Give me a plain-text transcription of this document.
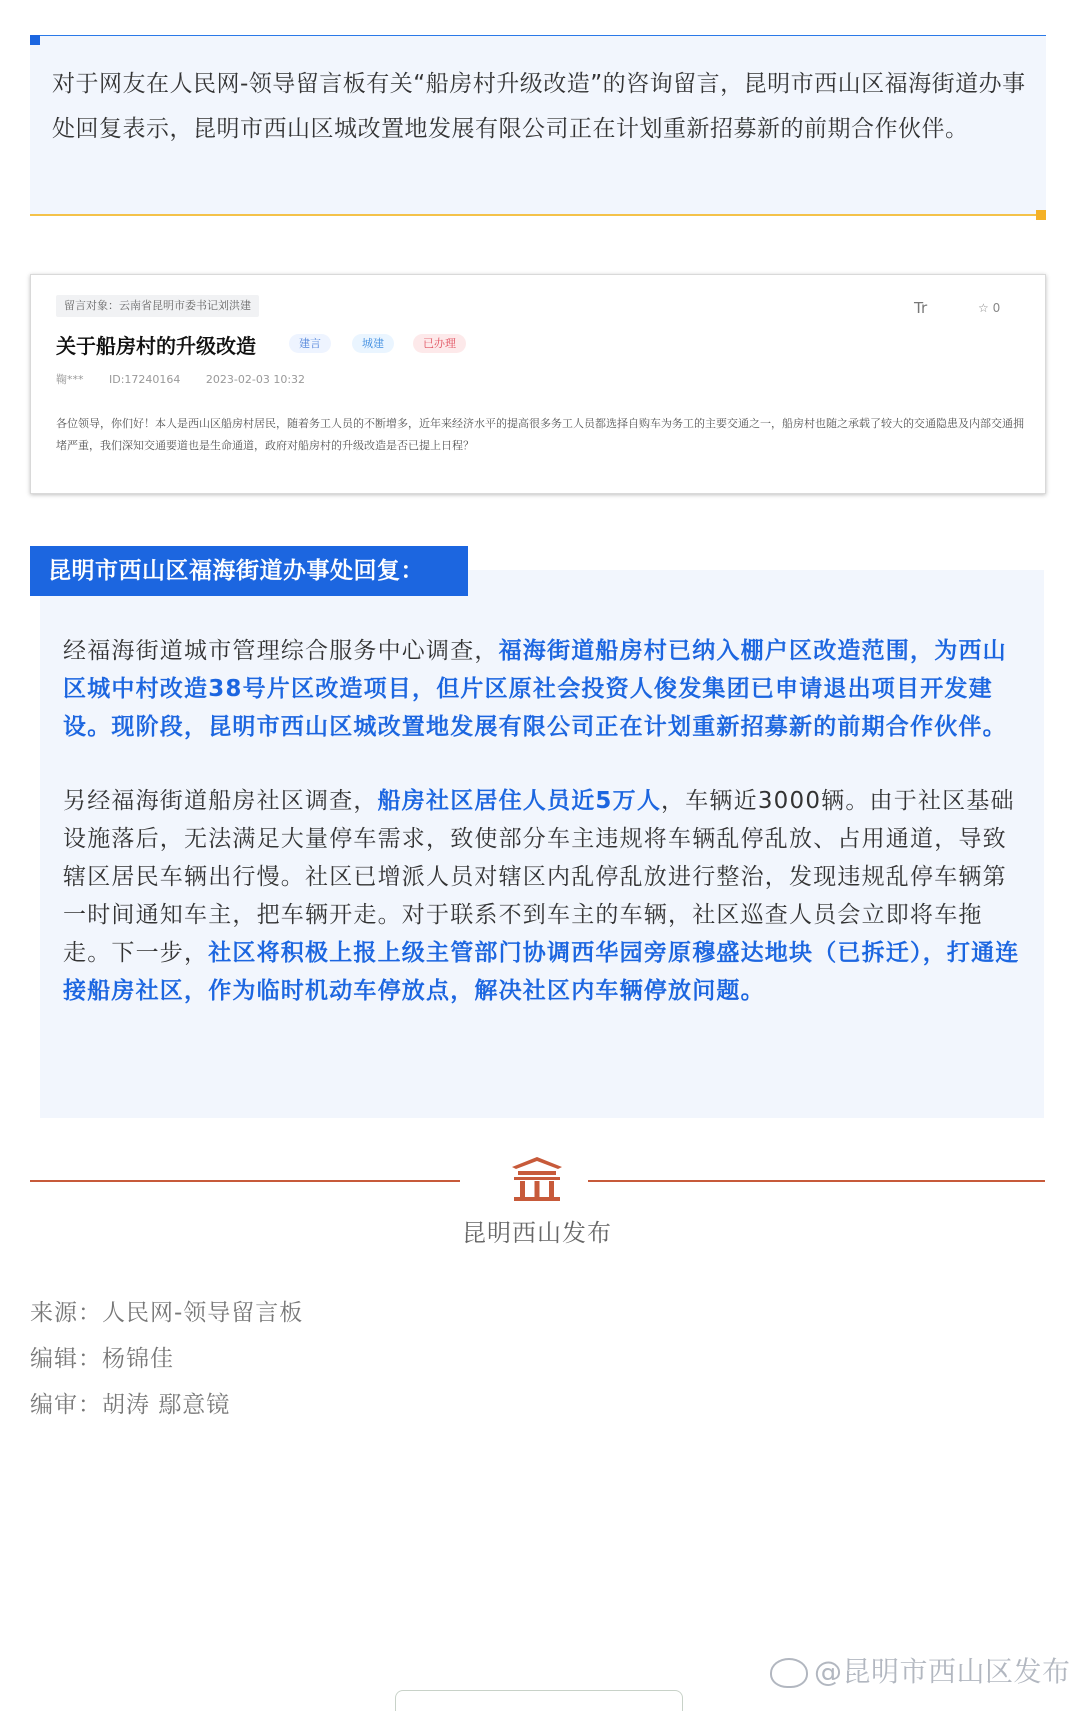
对于网友在人民网-领导留言板有关“船房村升级改造”的咨询留言，昆明市西山区福海街道办事处回复表示，昆明市西山区城改置地发展有限公司正在计划重新招募新的前期合作伙伴。

留言对象：云南省昆明市委书记刘洪建	Tr	☆ 0
关于船房村的升级改造	建言	城建	已办理
鞠*** ID:17240164 2023-02-03 10:32
各位领导，你们好！本人是西山区船房村居民，随着务工人员的不断增多，近年来经济水平的提高很多务工人员都选择自购车为务工的主要交通之一，船房村也随之承载了较大的交通隐患及内部交通拥堵严重，我们深知交通要道也是生命通道，政府对船房村的升级改造是否已提上日程？
昆明市西山区福海街道办事处回复：

经福海街道城市管理综合服务中心调查，福海街道船房村已纳入棚户区改造范围，为西山区城中村改造38号片区改造项目，但片区原社会投资人俊发集团已申请退出项目开发建设。现阶段，昆明市西山区城改置地发展有限公司正在计划重新招募新的前期合作伙伴。

另经福海街道船房社区调查，船房社区居住人员近5万人，车辆近3000辆。由于社区基础设施落后，无法满足大量停车需求，致使部分车主违规将车辆乱停乱放、占用通道，导致辖区居民车辆出行慢。社区已增派人员对辖区内乱停乱放进行整治，发现违规乱停车辆第一时间通知车主，把车辆开走。对于联系不到车主的车辆，社区巡查人员会立即将车拖走。下一步，社区将积极上报上级主管部门协调西华园旁原穆盛达地块（已拆迁），打通连接船房社区，作为临时机动车停放点，解决社区内车辆停放问题。

昆明西山发布
来源：人民网-领导留言板
编辑：杨锦佳
编审：胡涛 鄢意镜
@昆明市西山区发布
